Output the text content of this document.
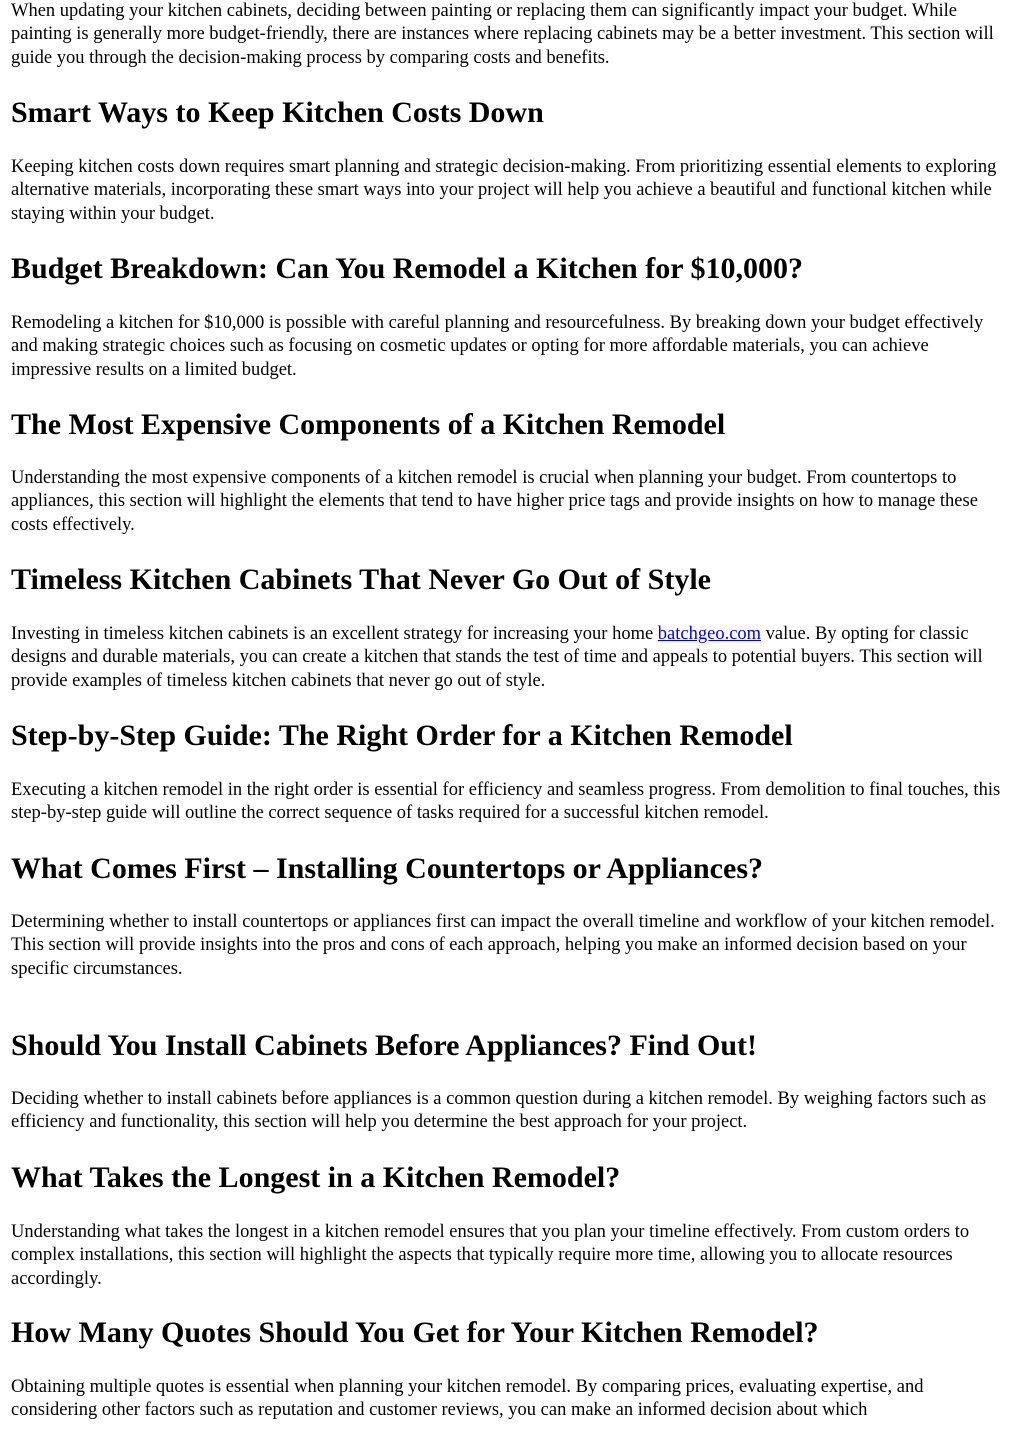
When updating your kitchen cabinets, deciding between painting or replacing them can significantly impact your budget. While painting is generally more budget-friendly, there are instances where replacing cabinets may be a better investment. This section will guide you through the decision-making process by comparing costs and benefits.

Smart Ways to Keep Kitchen Costs Down

Keeping kitchen costs down requires smart planning and strategic decision-making. From prioritizing essential elements to exploring alternative materials, incorporating these smart ways into your project will help you achieve a beautiful and functional kitchen while staying within your budget.

Budget Breakdown: Can You Remodel a Kitchen for $10,000?

Remodeling a kitchen for $10,000 is possible with careful planning and resourcefulness. By breaking down your budget effectively and making strategic choices such as focusing on cosmetic updates or opting for more affordable materials, you can achieve impressive results on a limited budget.

The Most Expensive Components of a Kitchen Remodel

Understanding the most expensive components of a kitchen remodel is crucial when planning your budget. From countertops to appliances, this section will highlight the elements that tend to have higher price tags and provide insights on how to manage these costs effectively.

Timeless Kitchen Cabinets That Never Go Out of Style

Investing in timeless kitchen cabinets is an excellent strategy for increasing your home batchgeo.com value. By opting for classic designs and durable materials, you can create a kitchen that stands the test of time and appeals to potential buyers. This section will provide examples of timeless kitchen cabinets that never go out of style.

Step-by-Step Guide: The Right Order for a Kitchen Remodel

Executing a kitchen remodel in the right order is essential for efficiency and seamless progress. From demolition to final touches, this step-by-step guide will outline the correct sequence of tasks required for a successful kitchen remodel.

What Comes First – Installing Countertops or Appliances?

Determining whether to install countertops or appliances first can impact the overall timeline and workflow of your kitchen remodel. This section will provide insights into the pros and cons of each approach, helping you make an informed decision based on your specific circumstances.

Should You Install Cabinets Before Appliances? Find Out!

Deciding whether to install cabinets before appliances is a common question during a kitchen remodel. By weighing factors such as efficiency and functionality, this section will help you determine the best approach for your project.

What Takes the Longest in a Kitchen Remodel?

Understanding what takes the longest in a kitchen remodel ensures that you plan your timeline effectively. From custom orders to complex installations, this section will highlight the aspects that typically require more time, allowing you to allocate resources accordingly.

How Many Quotes Should You Get for Your Kitchen Remodel?

Obtaining multiple quotes is essential when planning your kitchen remodel. By comparing prices, evaluating expertise, and considering other factors such as reputation and customer reviews, you can make an informed decision about which
